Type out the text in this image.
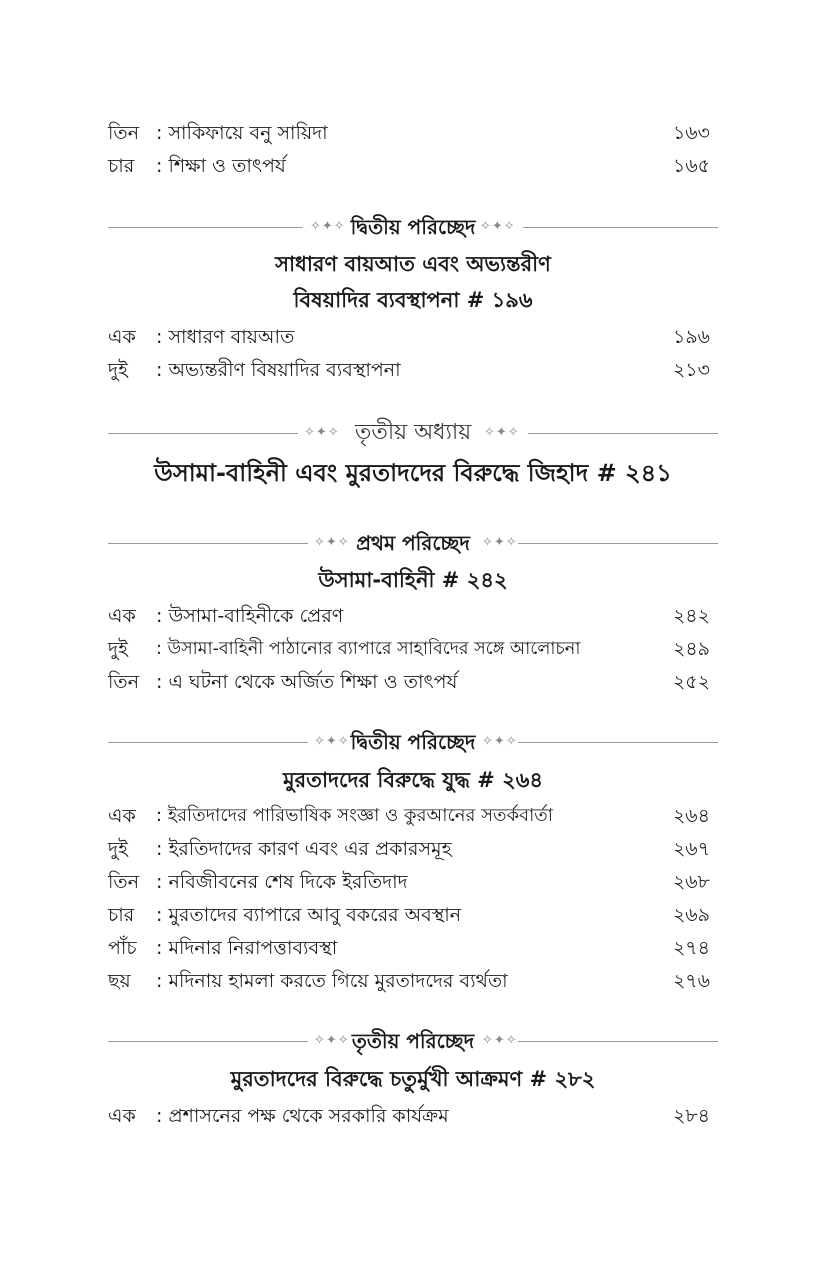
তিন : সাকিফায়ে বনু সায়িদা	১৬৩
চার	: শিক্ষা ও তাৎপর্য	১৬৫
✧✦✧ দ্বিতীয় পরিচ্ছেদ ✧✦✧
সাধারণ বায়আত এবং অভ্যন্তরীণ
বিষয়াদির ব্যবস্থাপনা # ১৯৬
এক	: সাধারণ বায়আত	১৯৬
দুই	: অভ্যন্তরীণ বিষয়াদির ব্যবস্থাপনা	২১৩
✧✦✧ তৃতীয় অধ্যায় ✧✦✧
উসামা-বাহিনী এবং মুরতাদদের বিরুদ্ধে জিহাদ # ২৪১
✧✦✧ প্রথম পরিচ্ছেদ ✧✦✧
উসামা-বাহিনী # ২৪২
এক	: উসামা-বাহিনীকে প্রেরণ	২৪২
দুই	: উসামা-বাহিনী পাঠানোর ব্যাপারে সাহাবিদের সঙ্গে আলোচনা	২৪৯
তিন : এ ঘটনা থেকে অর্জিত শিক্ষা ও তাৎপর্য	২৫২
✧✦✧ দ্বিতীয় পরিচ্ছেদ ✧✦✧
মুরতাদদের বিরুদ্ধে যুদ্ধ # ২৬৪
এক	: ইরতিদাদের পারিভাষিক সংজ্ঞা ও কুরআনের সতর্কবার্তা	২৬৪
দুই	: ইরতিদাদের কারণ এবং এর প্রকারসমূহ	২৬৭
তিন : নবিজীবনের শেষ দিকে ইরতিদাদ	২৬৮
চার	: মুরতাদের ব্যাপারে আবু বকরের অবস্থান	২৬৯
পাঁচ	: মদিনার নিরাপত্তাব্যবস্থা	২৭৪
ছয়	: মদিনায় হামলা করতে গিয়ে মুরতাদদের ব্যর্থতা	২৭৬
✧✦✧ তৃতীয় পরিচ্ছেদ ✧✦✧
মুরতাদদের বিরুদ্ধে চতুর্মুখী আক্রমণ # ২৮২
এক	: প্রশাসনের পক্ষ থেকে সরকারি কার্যক্রম	২৮৪
